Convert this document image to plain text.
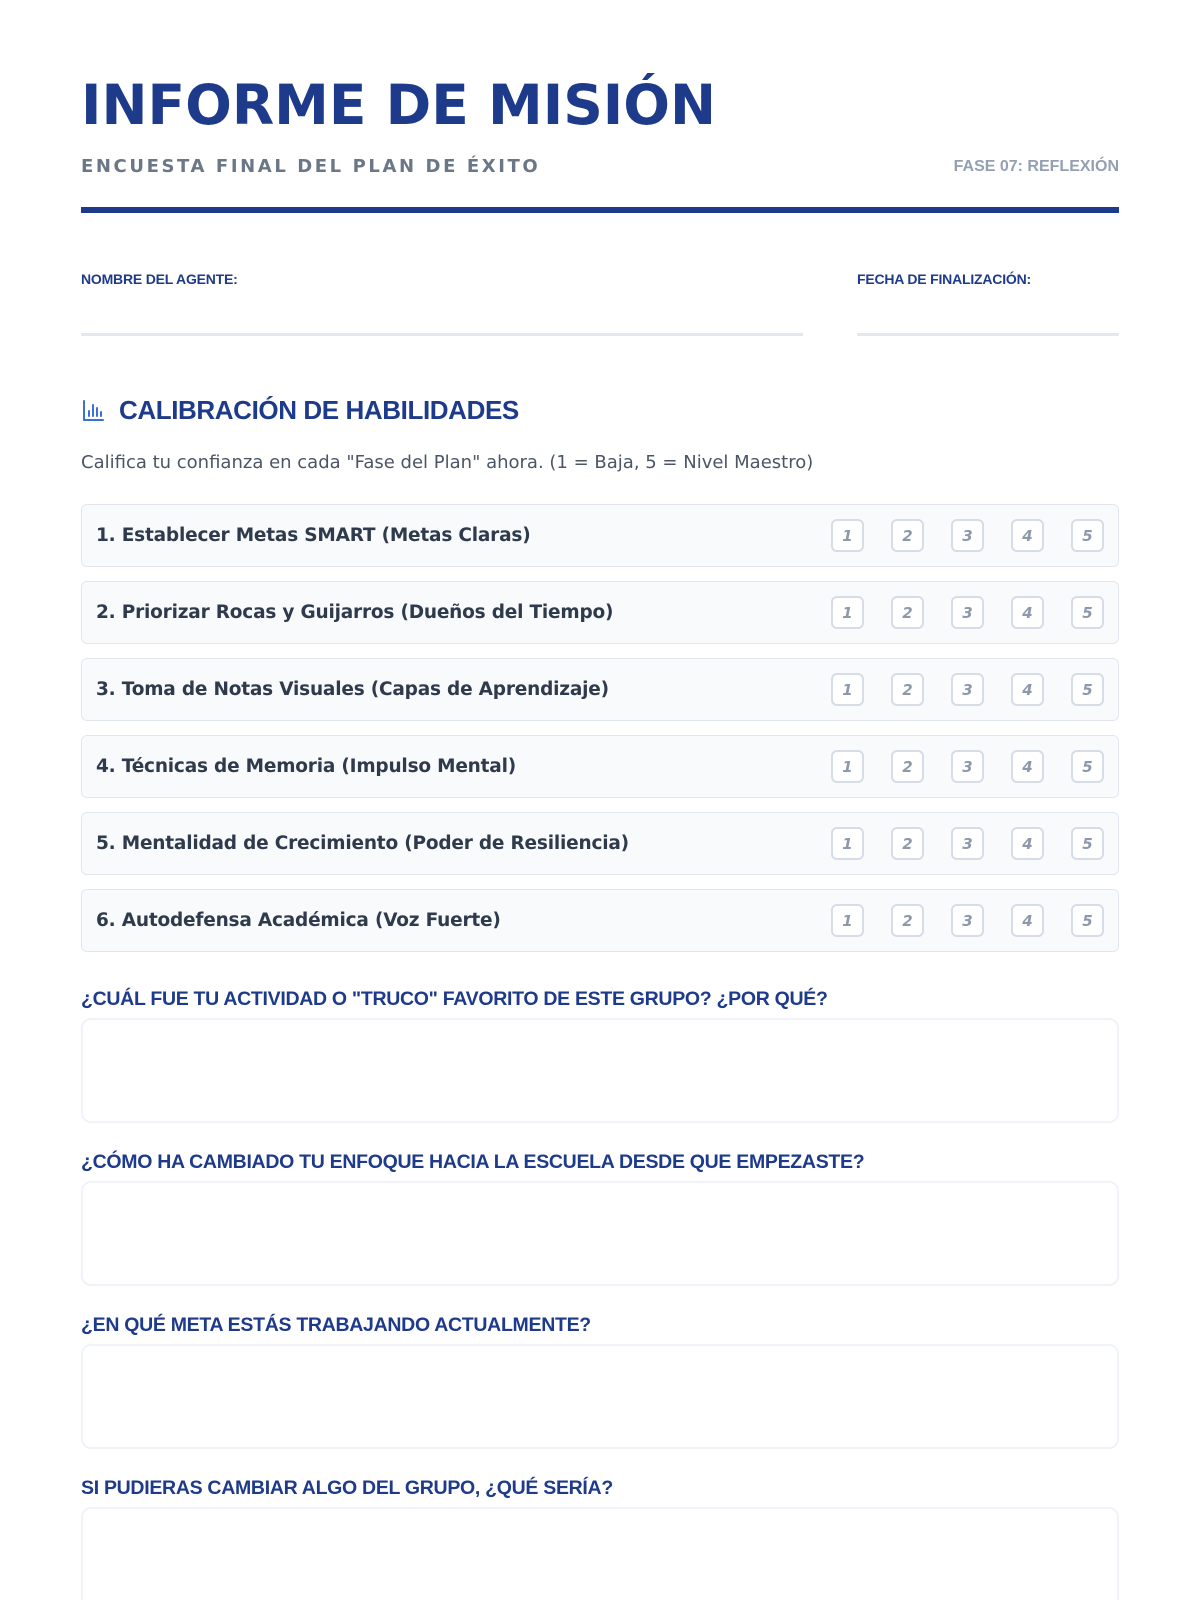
INFORME DE MISIÓN
ENCUESTA FINAL DEL PLAN DE ÉXITO	FASE 07: REFLEXIÓN
NOMBRE DEL AGENTE:	FECHA DE FINALIZACIÓN:
CALIBRACIÓN DE HABILIDADES
Califica tu confianza en cada "Fase del Plan" ahora. (1 = Baja, 5 = Nivel Maestro)
1. Establecer Metas SMART (Metas Claras)	1	2	3	4	5
2. Priorizar Rocas y Guijarros (Dueños del Tiempo)	1	2	3	4	5
3. Toma de Notas Visuales (Capas de Aprendizaje)	1	2	3	4	5
4. Técnicas de Memoria (Impulso Mental)	1	2	3	4	5
5. Mentalidad de Crecimiento (Poder de Resiliencia)	1	2	3	4	5
6. Autodefensa Académica (Voz Fuerte)	1	2	3	4	5
¿CUÁL FUE TU ACTIVIDAD O "TRUCO" FAVORITO DE ESTE GRUPO? ¿POR QUÉ?
¿CÓMO HA CAMBIADO TU ENFOQUE HACIA LA ESCUELA DESDE QUE EMPEZASTE?
¿EN QUÉ META ESTÁS TRABAJANDO ACTUALMENTE?
SI PUDIERAS CAMBIAR ALGO DEL GRUPO, ¿QUÉ SERÍA?
